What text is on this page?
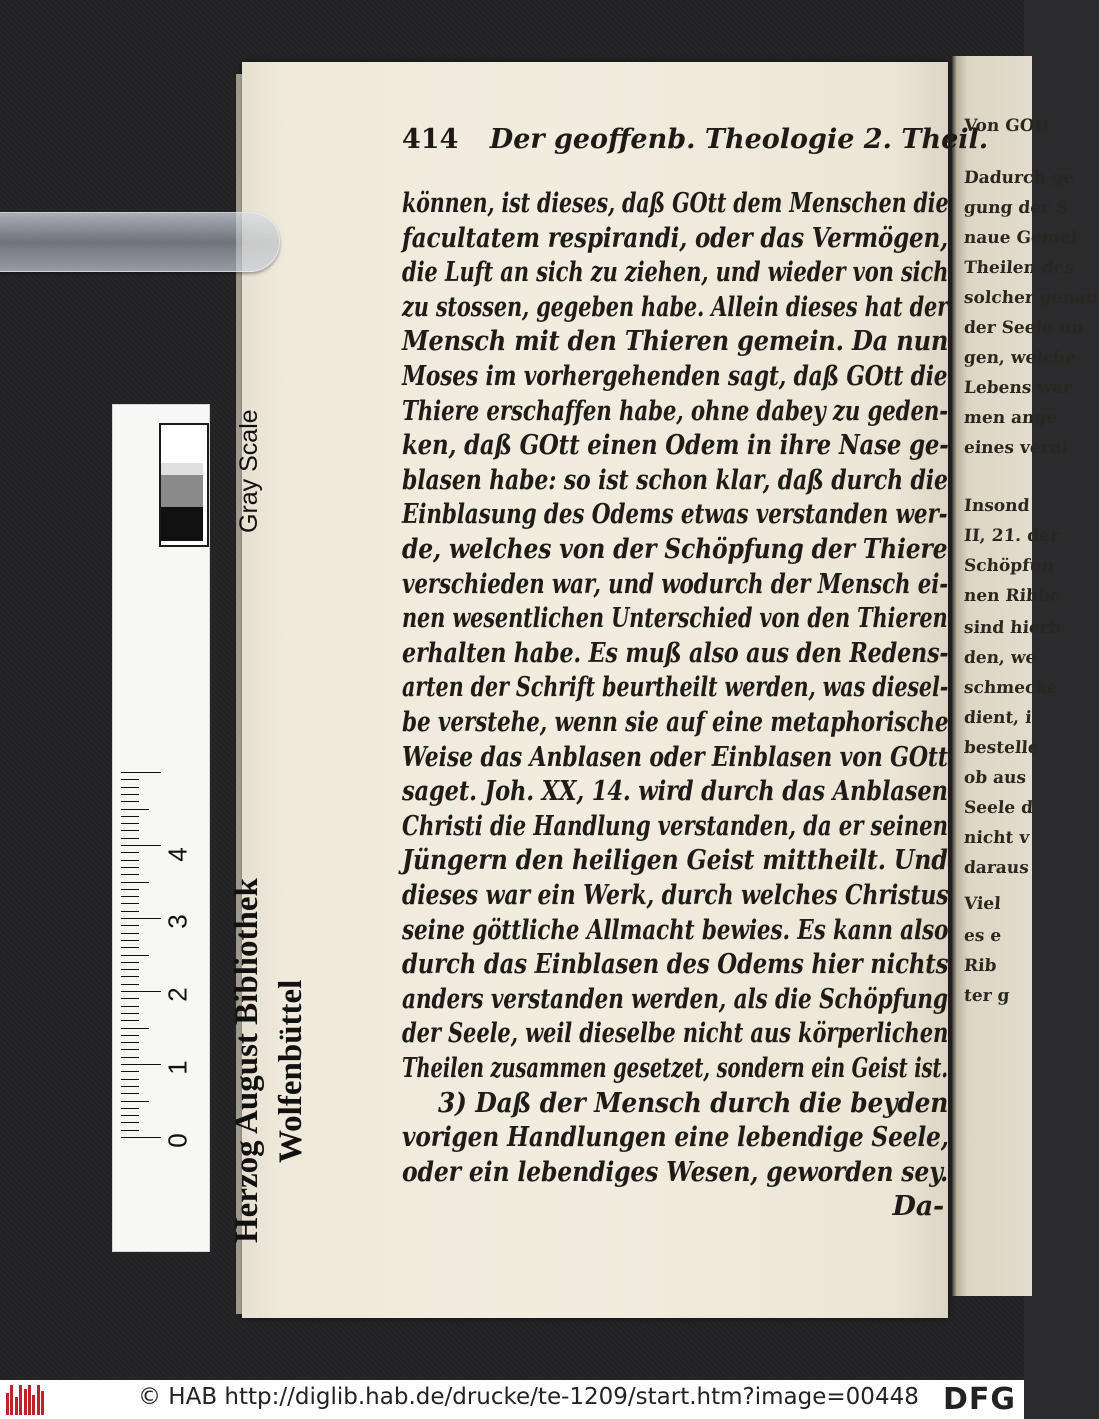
Von GOtt
Dadurch ge
gung der S
naue Gemei
Theilen des
solcher genau
der Seele un
gen, welche
Lebens war
men ange
eines verni
Insond
II, 21. der
Schöpfun
nen Ribbe
sind hierb
den, we
schmecke
dient, i
bestelle
ob aus
Seele d
nicht v
daraus
Viel
es e
Rib
ter g
414 Der geoffenb. Theologie 2. Theil.
können, ist dieses, daß GOtt dem Menschen die
facultatem respirandi, oder das Vermögen,
die Luft an sich zu ziehen, und wieder von sich
zu stossen, gegeben habe. Allein dieses hat der
Mensch mit den Thieren gemein. Da nun
Moses im vorhergehenden sagt, daß GOtt die
Thiere erschaffen habe, ohne dabey zu geden-
ken, daß GOtt einen Odem in ihre Nase ge-
blasen habe: so ist schon klar, daß durch die
Einblasung des Odems etwas verstanden wer-
de, welches von der Schöpfung der Thiere
verschieden war, und wodurch der Mensch ei-
nen wesentlichen Unterschied von den Thieren
erhalten habe. Es muß also aus den Redens-
arten der Schrift beurtheilt werden, was diesel-
be verstehe, wenn sie auf eine metaphorische
Weise das Anblasen oder Einblasen von GOtt
saget. Joh. XX, 14. wird durch das Anblasen
Christi die Handlung verstanden, da er seinen
Jüngern den heiligen Geist mittheilt. Und
dieses war ein Werk, durch welches Christus
seine göttliche Allmacht bewies. Es kann also
durch das Einblasen des Odems hier nichts
anders verstanden werden, als die Schöpfung
der Seele, weil dieselbe nicht aus körperlichen
Theilen zusammen gesetzet, sondern ein Geist ist.
3) Daß der Mensch durch die beyden
vorigen Handlungen eine lebendige Seele,
oder ein lebendiges Wesen, geworden sey.
Da-
0
1
2
3
4
Gray Scale
Herzog August Bibliothek Wolfenbüttel
© HAB http://diglib.hab.de/drucke/te-1209/start.htm?image=00448 DFG
